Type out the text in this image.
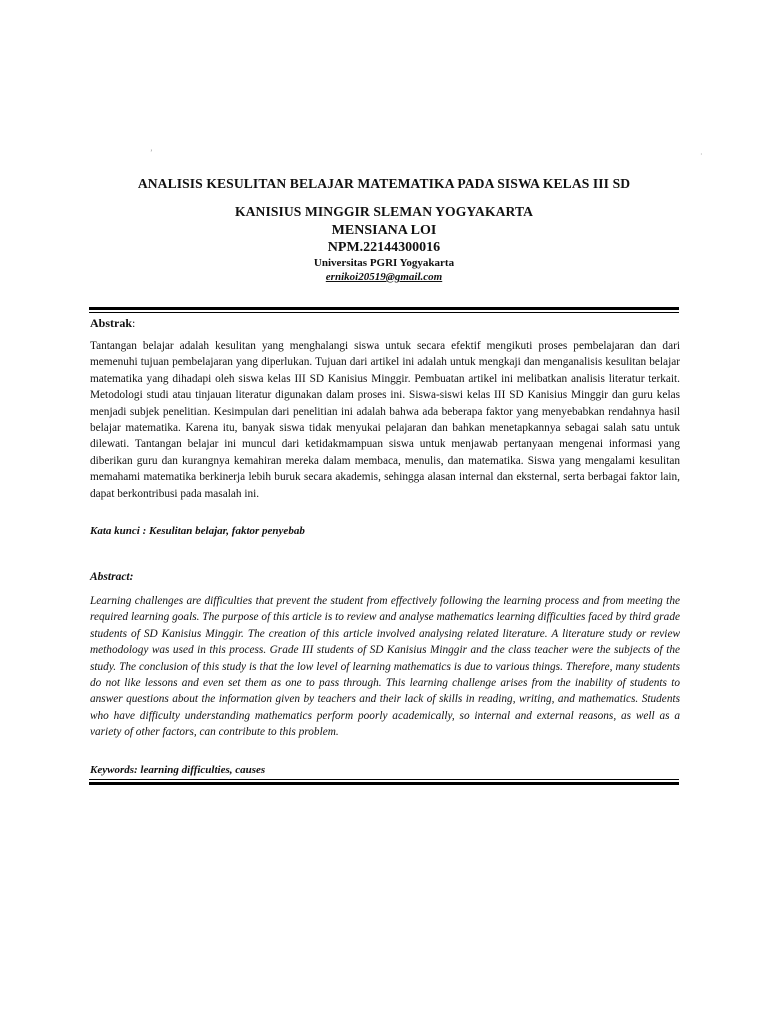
’	·
ANALISIS KESULITAN BELAJAR MATEMATIKA PADA SISWA KELAS III SD
KANISIUS MINGGIR SLEMAN YOGYAKARTA
MENSIANA LOI
NPM.22144300016
Universitas PGRI Yogyakarta
ernikoi20519@gmail.com
Abstrak:

Tantangan belajar adalah kesulitan yang menghalangi siswa untuk secara efektif mengikuti proses pembelajaran dan dari memenuhi tujuan pembelajaran yang diperlukan. Tujuan dari artikel ini adalah untuk mengkaji dan menganalisis kesulitan belajar matematika yang dihadapi oleh siswa kelas III SD Kanisius Minggir. Pembuatan artikel ini melibatkan analisis literatur terkait. Metodologi studi atau tinjauan literatur digunakan dalam proses ini. Siswa-siswi kelas III SD Kanisius Minggir dan guru kelas menjadi subjek penelitian. Kesimpulan dari penelitian ini adalah bahwa ada beberapa faktor yang menyebabkan rendahnya hasil belajar matematika. Karena itu, banyak siswa tidak menyukai pelajaran dan bahkan menetapkannya sebagai salah satu untuk dilewati. Tantangan belajar ini muncul dari ketidakmampuan siswa untuk menjawab pertanyaan mengenai informasi yang diberikan guru dan kurangnya kemahiran mereka dalam membaca, menulis, dan matematika. Siswa yang mengalami kesulitan memahami matematika berkinerja lebih buruk secara akademis, sehingga alasan internal dan eksternal, serta berbagai faktor lain, dapat berkontribusi pada masalah ini.

Kata kunci : Kesulitan belajar, faktor penyebab
Abstract:

Learning challenges are difficulties that prevent the student from effectively following the learning process and from meeting the required learning goals. The purpose of this article is to review and analyse mathematics learning difficulties faced by third grade students of SD Kanisius Minggir. The creation of this article involved analysing related literature. A literature study or review methodology was used in this process. Grade III students of SD Kanisius Minggir and the class teacher were the subjects of the study. The conclusion of this study is that the low level of learning mathematics is due to various things. Therefore, many students do not like lessons and even set them as one to pass through. This learning challenge arises from the inability of students to answer questions about the information given by teachers and their lack of skills in reading, writing, and mathematics. Students who have difficulty understanding mathematics perform poorly academically, so internal and external reasons, as well as a variety of other factors, can contribute to this problem.

Keywords: learning difficulties, causes
